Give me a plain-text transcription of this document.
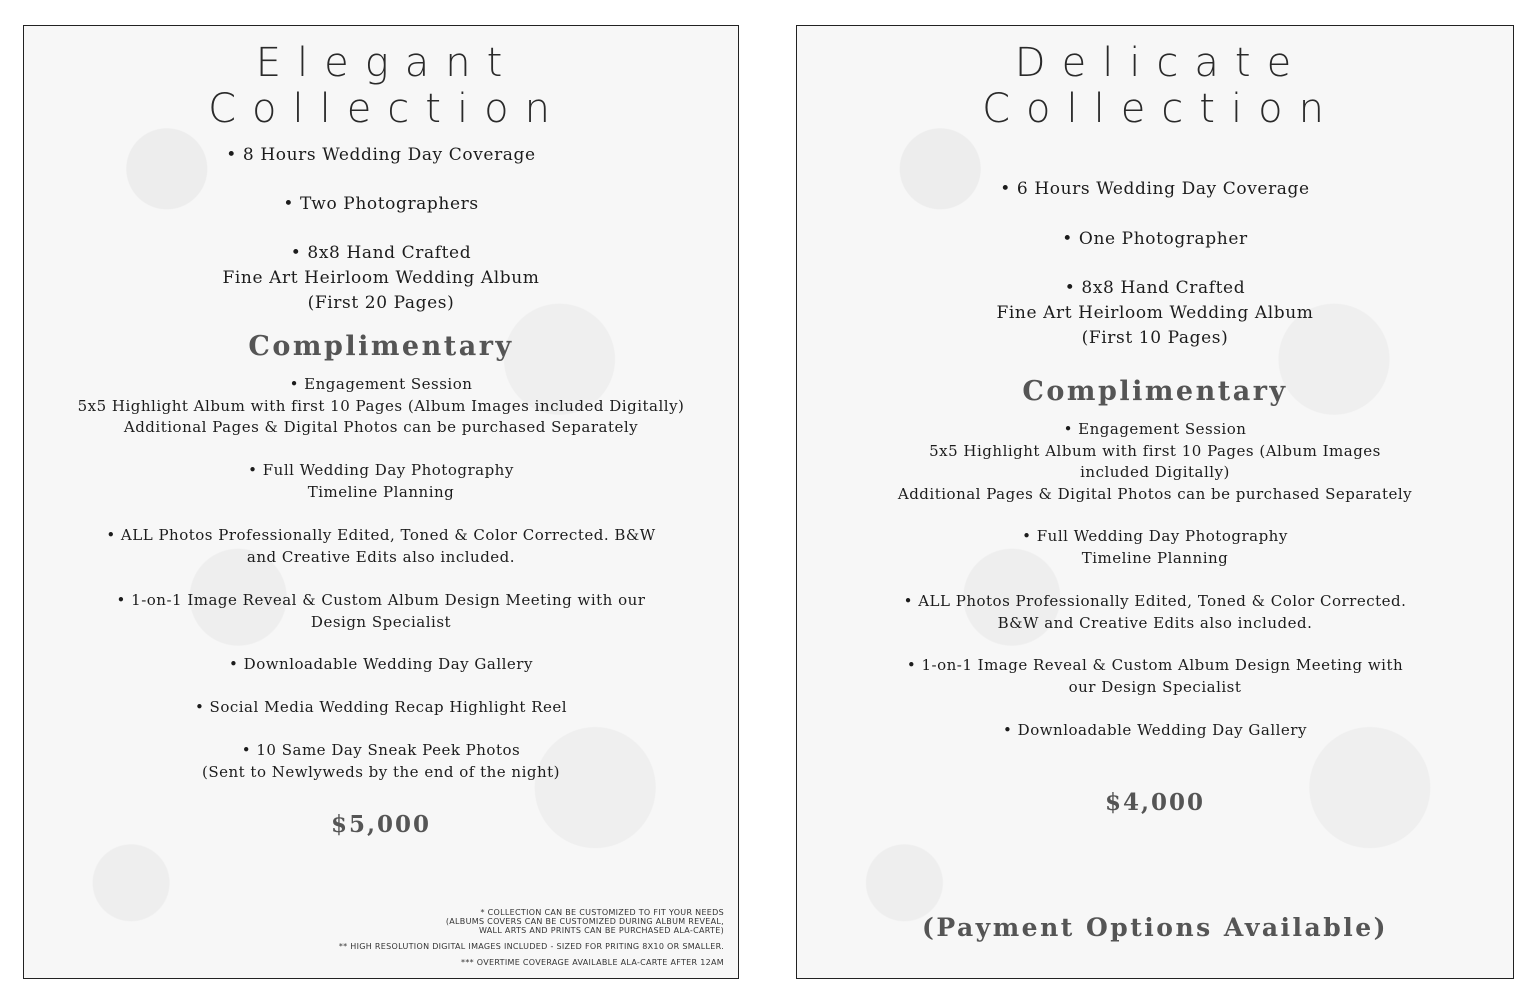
Elegant
Collection
• 8 Hours Wedding Day Coverage
• Two Photographers
• 8x8 Hand Crafted
Fine Art Heirloom Wedding Album
(First 20 Pages)
Complimentary
• Engagement Session
5x5 Highlight Album with first 10 Pages (Album Images included Digitally)
Additional Pages & Digital Photos can be purchased Separately
• Full Wedding Day Photography
Timeline Planning
• ALL Photos Professionally Edited, Toned & Color Corrected. B&W and Creative Edits also included.
• 1-on-1 Image Reveal & Custom Album Design Meeting with our Design Specialist
• Downloadable Wedding Day Gallery
• Social Media Wedding Recap Highlight Reel
• 10 Same Day Sneak Peek Photos
(Sent to Newlyweds by the end of the night)
$5,000
* COLLECTION CAN BE CUSTOMIZED TO FIT YOUR NEEDS
(ALBUMS COVERS CAN BE CUSTOMIZED DURING ALBUM REVEAL,
WALL ARTS AND PRINTS CAN BE PURCHASED ALA-CARTE)
** HIGH RESOLUTION DIGITAL IMAGES INCLUDED - SIZED FOR PRITING 8X10 OR SMALLER.
*** OVERTIME COVERAGE AVAILABLE ALA-CARTE AFTER 12AM
Delicate
Collection
• 6 Hours Wedding Day Coverage
• One Photographer
• 8x8 Hand Crafted
Fine Art Heirloom Wedding Album
(First 10 Pages)
Complimentary
• Engagement Session
5x5 Highlight Album with first 10 Pages (Album Images included Digitally)
Additional Pages & Digital Photos can be purchased Separately
• Full Wedding Day Photography
Timeline Planning
• ALL Photos Professionally Edited, Toned & Color Corrected. B&W and Creative Edits also included.
• 1-on-1 Image Reveal & Custom Album Design Meeting with our Design Specialist
• Downloadable Wedding Day Gallery
$4,000
(Payment Options Available)
